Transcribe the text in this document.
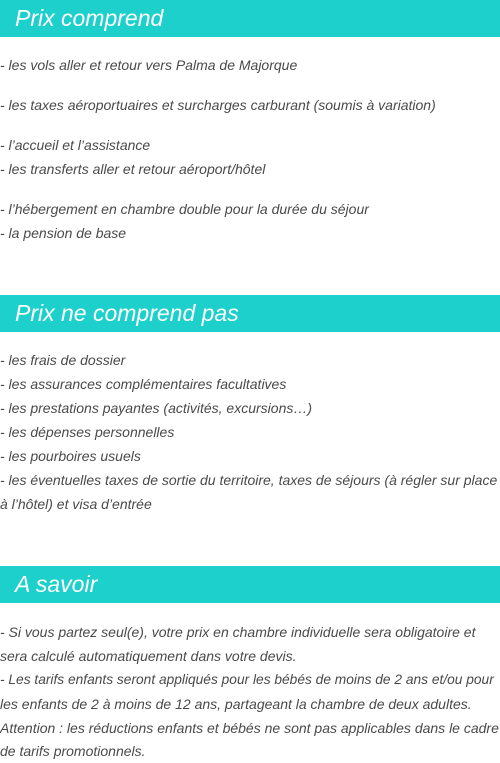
Prix comprend
- les vols aller et retour vers Palma de Majorque
- les taxes aéroportuaires et surcharges carburant (soumis à variation)
- l’accueil et l’assistance
- les transferts aller et retour aéroport/hôtel
- l’hébergement en chambre double pour la durée du séjour
- la pension de base
Prix ne comprend pas
- les frais de dossier
- les assurances complémentaires facultatives
- les prestations payantes (activités, excursions…)
- les dépenses personnelles
- les pourboires usuels
- les éventuelles taxes de sortie du territoire, taxes de séjours (à régler sur place
à l’hôtel) et visa d’entrée
A savoir
- Si vous partez seul(e), votre prix en chambre individuelle sera obligatoire et
sera calculé automatiquement dans votre devis.
- Les tarifs enfants seront appliqués pour les bébés de moins de 2 ans et/ou pour
les enfants de 2 à moins de 12 ans, partageant la chambre de deux adultes.
Attention : les réductions enfants et bébés ne sont pas applicables dans le cadre
de tarifs promotionnels.
